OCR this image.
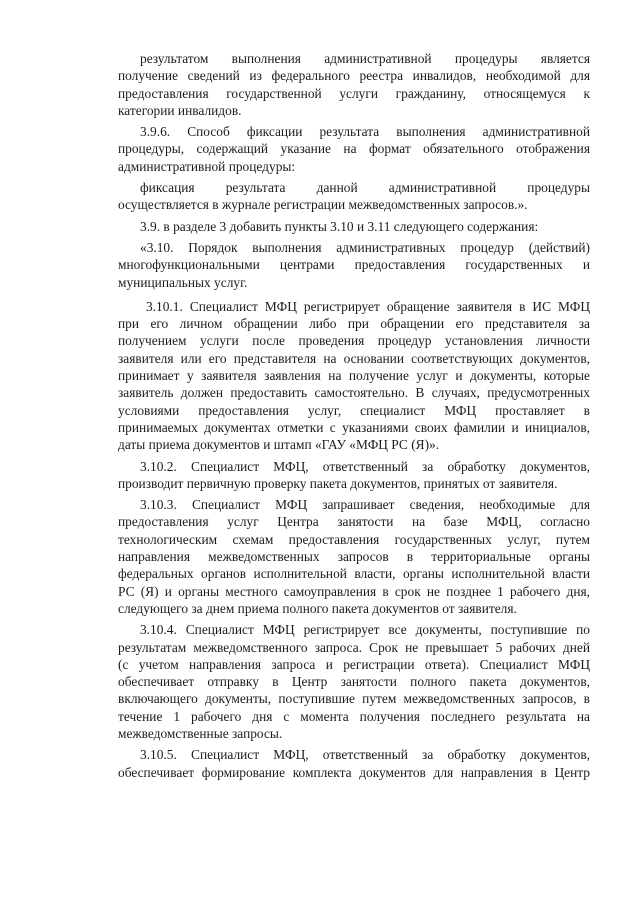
результатом выполнения административной процедуры является
получение сведений из федерального реестра инвалидов, необходимой для
предоставления государственной услуги гражданину, относящемуся к
категории инвалидов.
3.9.6. Способ фиксации результата выполнения административной
процедуры, содержащий указание на формат обязательного отображения
административной процедуры:
фиксация результата данной административной процедуры
осуществляется в журнале регистрации межведомственных запросов.».
3.9. в разделе 3 добавить пункты 3.10 и 3.11 следующего содержания:
«3.10. Порядок выполнения административных процедур (действий)
многофункциональными центрами предоставления государственных и
муниципальных услуг.
3.10.1. Специалист МФЦ регистрирует обращение заявителя в ИС МФЦ
при его личном обращении либо при обращении его представителя за
получением услуги после проведения процедур установления личности
заявителя или его представителя на основании соответствующих документов,
принимает у заявителя заявления на получение услуг и документы, которые
заявитель должен предоставить самостоятельно. В случаях, предусмотренных
условиями предоставления услуг, специалист МФЦ проставляет в
принимаемых документах отметки с указаниями своих фамилии и инициалов,
даты приема документов и штамп «ГАУ «МФЦ РС (Я)».
3.10.2. Специалист МФЦ, ответственный за обработку документов,
производит первичную проверку пакета документов, принятых от заявителя.
3.10.3. Специалист МФЦ запрашивает сведения, необходимые для
предоставления услуг Центра занятости на базе МФЦ, согласно
технологическим схемам предоставления государственных услуг, путем
направления межведомственных запросов в территориальные органы
федеральных органов исполнительной власти, органы исполнительной власти
РС (Я) и органы местного самоуправления в срок не позднее 1 рабочего дня,
следующего за днем приема полного пакета документов от заявителя.
3.10.4. Специалист МФЦ регистрирует все документы, поступившие по
результатам межведомственного запроса. Срок не превышает 5 рабочих дней
(с учетом направления запроса и регистрации ответа). Специалист МФЦ
обеспечивает отправку в Центр занятости полного пакета документов,
включающего документы, поступившие путем межведомственных запросов, в
течение 1 рабочего дня с момента получения последнего результата на
межведомственные запросы.
3.10.5. Специалист МФЦ, ответственный за обработку документов,
обеспечивает формирование комплекта документов для направления в Центр
